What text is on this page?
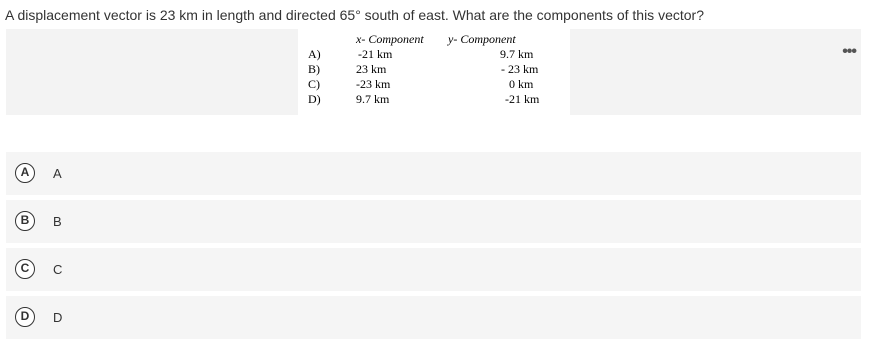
A displacement vector is 23 km in length and directed 65° south of east. What are the components of this vector?
x- Component y- Component
A)	-21 km	9.7 km
B)	23 km	- 23 km
C)	-23 km	0 km
D)	9.7 km	-21 km
•••
A	A
B	B
C	C
D	D
